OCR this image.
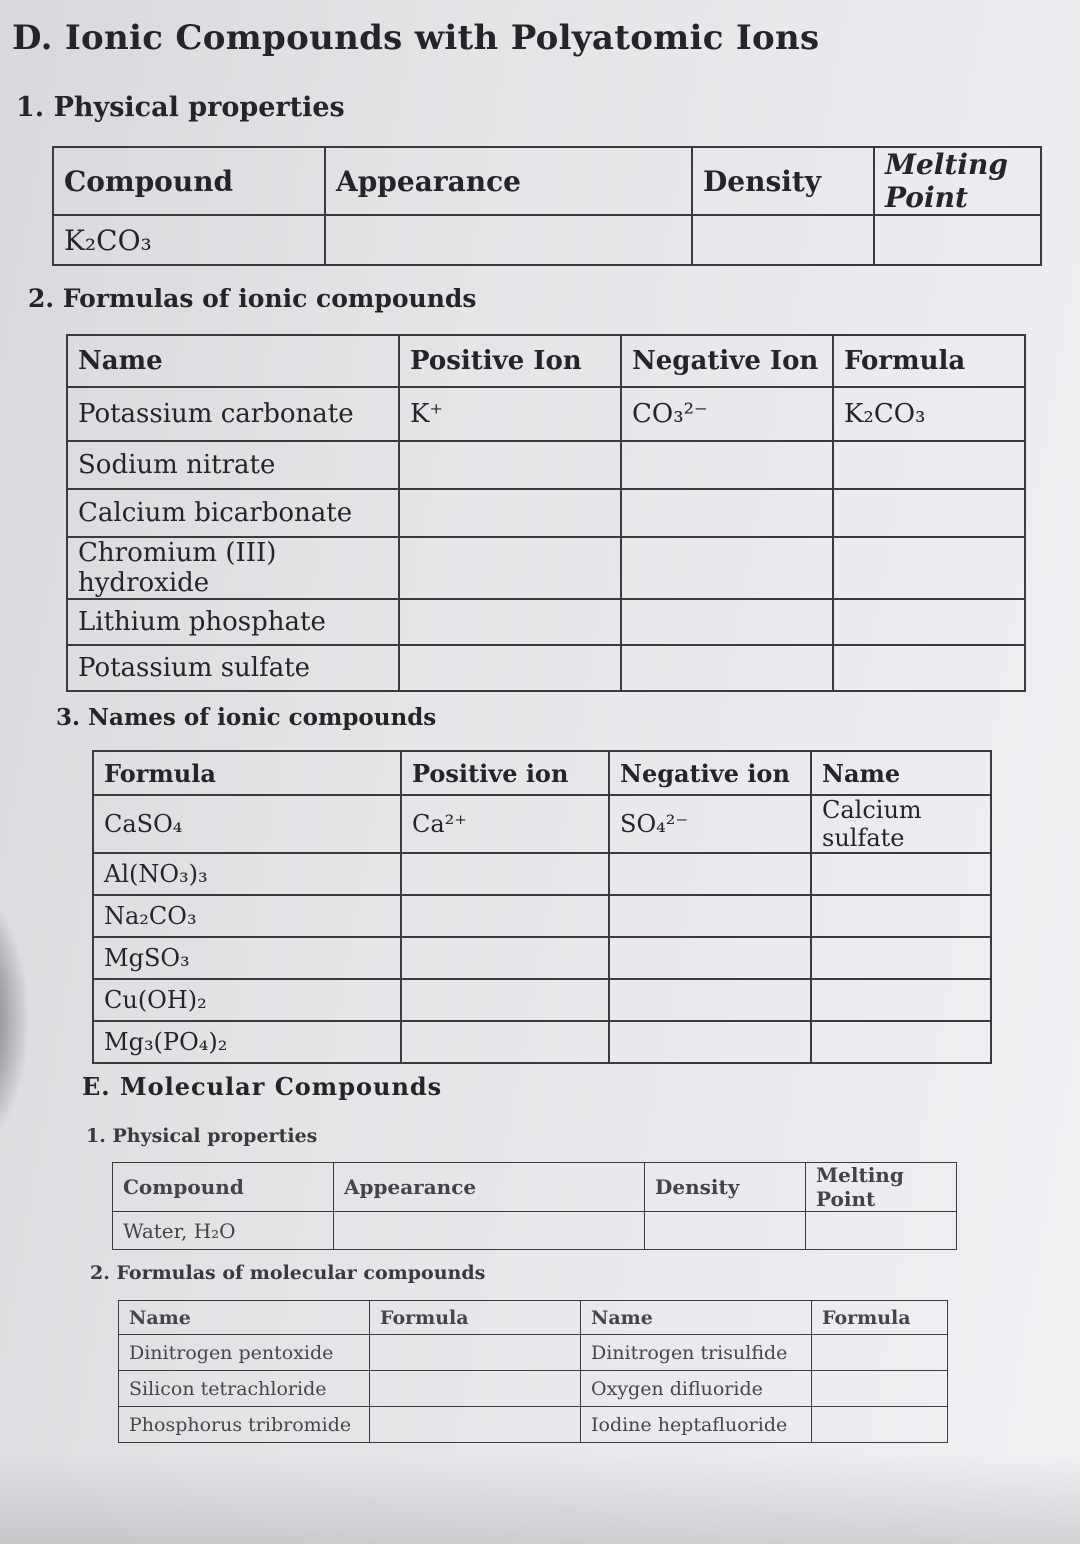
D. Ionic Compounds with Polyatomic Ions
1. Physical properties
Compound	Appearance	Density	Melting Point
K₂CO₃			
2. Formulas of ionic compounds
Name	Positive Ion	Negative Ion	Formula
Potassium carbonate	K⁺	CO₃²⁻	K₂CO₃
Sodium nitrate			
Calcium bicarbonate			
Chromium (III) hydroxide			
Lithium phosphate			
Potassium sulfate			
3. Names of ionic compounds
Formula	Positive ion	Negative ion	Name
CaSO₄	Ca²⁺	SO₄²⁻	Calcium sulfate
Al(NO₃)₃			
Na₂CO₃			
MgSO₃			
Cu(OH)₂			
Mg₃(PO₄)₂			
E. Molecular Compounds
1. Physical properties
Compound	Appearance	Density	Melting Point
Water, H₂O			
2. Formulas of molecular compounds
Name	Formula	Name	Formula
Dinitrogen pentoxide		Dinitrogen trisulfide	
Silicon tetrachloride		Oxygen difluoride	
Phosphorus tribromide		Iodine heptafluoride	
